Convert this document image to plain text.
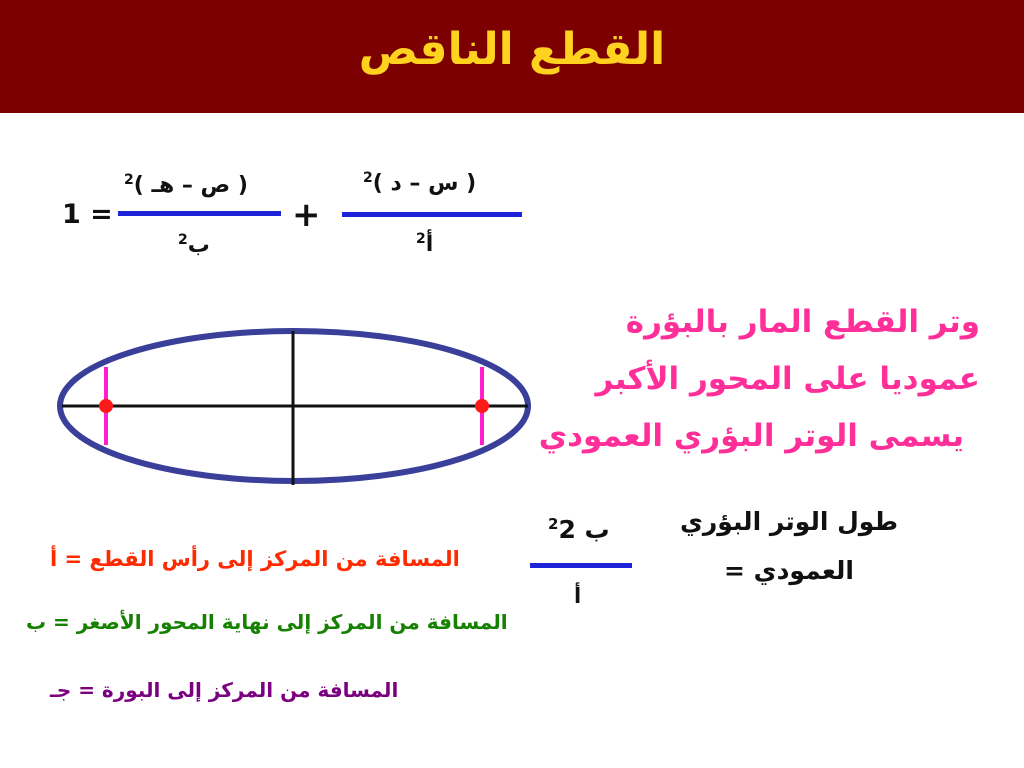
القطع الناقص
1 =
$^2$( ص – هـ )
$^2$ب
+
$^2$( س – د )
$^2$أ
وتر القطع المار بالبؤرة
عموديا على المحور الأكبر
يسمى الوتر البؤري العمودي
طول الوتر البؤري
العمودي =
$^2$2 ب
أ
المسافة من المركز إلى رأس القطع = أ
المسافة من المركز إلى نهاية المحور الأصغر = ب
المسافة من المركز إلى البورة = جـ
